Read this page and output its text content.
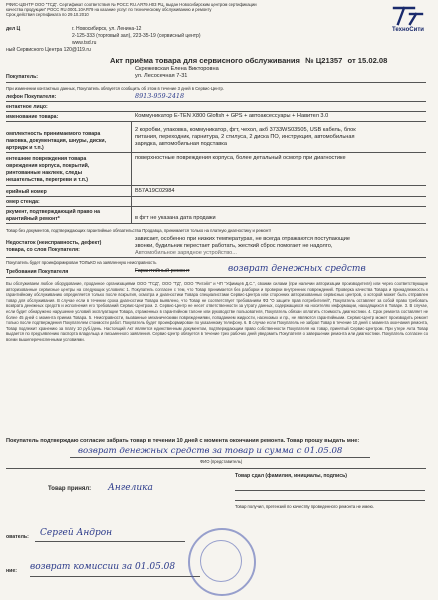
РФИС-ЦЕНТР ООО "ТСД". Сертификат соответствия № РОСС RU.AЯ79.H03 РЦ, выдан Новосибирским центром сертификации
качества продукции" РОСС RU.0001.10АЯ79 на казание услуг по техническому обслуживанию и ремонту
Срок действия сертификата по 29.10.2010
ТехноСити
дел Ц	г. Новосибирск, ул. Ленина-12
2-125-333 (торговый зал), 223-35-19 (сервисный центр)
www.tsd.ru
ный Сервисного Центра 120@119.ru
Акт приёма товара для сервисного обслуживания № Ц21357 от 15.02.08
Скрежевская Елена Викторовна
Покупатель:	ул. Лесосечная 7-31
При изменении контактных данных, Покупатель обязуется сообщить об этом в течение 3 дней в Сервис-Центр.
лефон Покупателя:	8913-959-2418
ентактное лицо:
именование товара:	Коммуникатор E-TEN X800 Glofish + GPS + автоаксессуары + Навител 3.0
омплектность принимаемого товара
2 коробки, упаковка, коммуникатор, фгт, чехол, акб 3733WS03505, USB кабель, блок
паковка, документация, шнуры, диски,
питания, переходник, гарнитура, 2 стилуса, 2 диска ПО, инструкция, автомобильная
артридж и т.п.)
зарядка, автомобильная подставка
ентешние повреждения товара	поверхностные повреждения корпуса, более детальный осмотр при диагностике
овреждения корпуса, покрытий,
ринтованные наклеек, следы
нешательства, перегреви и т.п.)
ерийный номер	B57A19C02984
омер стенда:
ркумент, подтверждающий право на
арантийный ремонт*	в фгт не указана дата продажи
Товар без документов, подтверждающих гарантийные обязательства Продавца, принимается только на платную диагностику и ремонт!
Недостаток (неисправность, дефект)
товара, со слов Покупателя:
зависает, особенно при низких температурах, не всегда отражаются поступающие
звонки, будильник перестает работать, жесткий сброс помогает не надолго,
Автомобильное зарядное устройство...
Покупатель будет проинформирован ТОЛЬКО на заявленную неисправность
Требования Покупателя	Гарантийный ремонт	возврат денежных средств
Вы обслуживаем любое оборудование, проданное организациями ООО "ТСД", ООО "ТД", ООО "Ритэйл" и ЧП "Уфимцев Д.С.", своими силами (при наличии авторизации производителя) или через соответствующие авторизованные сервисные центры на следующих условиях: 1. Покупатель согласен с тем, что Товар принимается без разборки и проверки внутренних повреждений. Проверка качества Товара и принадлежность к гарантийному обслуживанию определяется только после вскрытия, осмотра и диагностики Товара специалистами Сервис-Центра или сторонних авторизованных сервисных центров, о которой может быть отправлен товар для обслуживания. В случае если в течении срока диагностики Товара выявлено, что Товар не соответствует требованиям ФЗ "О защите прав потребителей", Покупатель оставляет за собой право требовать возврата денежных средств и исполнения его требований Сервис-Центром. 2. Сервис-Центр не несет ответственности за утрату данных, содержащихся на носителях информации, находящихся в Товаре. 3. В случае, если будет обнаружено нарушение условий эксплуатации Товара, отраженных в гарантийном талоне или руководстве пользователя, Покупатель обязан оплатить стоимость диагностики. 4. Срок ремонта составляет не более 45 дней с момента приема Товара. 5. Неисправности, вызванные механическими повреждениями, попаданием жидкости, насекомых и пр., не являются гарантийными. Сервис-Центр может производить ремонт только после подтверждения Покупателем стоимости работ. Покупатель будет проинформирован по указанному телефону. 6. В случае если Покупатель не забрал Товар в течение 10 дней с момента окончания ремонта, Товар подлежит хранению за плату 10 руб./день. Настоящий Акт является единственным документом, подтверждающим право собственности Покупателя на товар, принятый Сервис-Центром. При утере Акта Товар выдается по предъявлению паспорта владельца и письменного заявления. Сервис-Центр обязуется в течение трех рабочих дней уведомить Покупателя о завершении ремонта или диагностики. Покупатель согласен со всеми вышеперечисленными условиями.
Покупатель подтверждаю согласие забрать товар в течении 10 дней с момента окончания ремонта. Товар прошу выдать мне:
возврат денежных средств за товар и сумма с 01.05.08
ФИО (представитель)
Товар принял: Ангелика
Товар сдал (фамилия, инициалы, подпись)
Товар получил, претензий по качеству проведенного ремонта не имею.
ователь: Сергей Андрон
ние: возврат комиссии за 01.05.08
